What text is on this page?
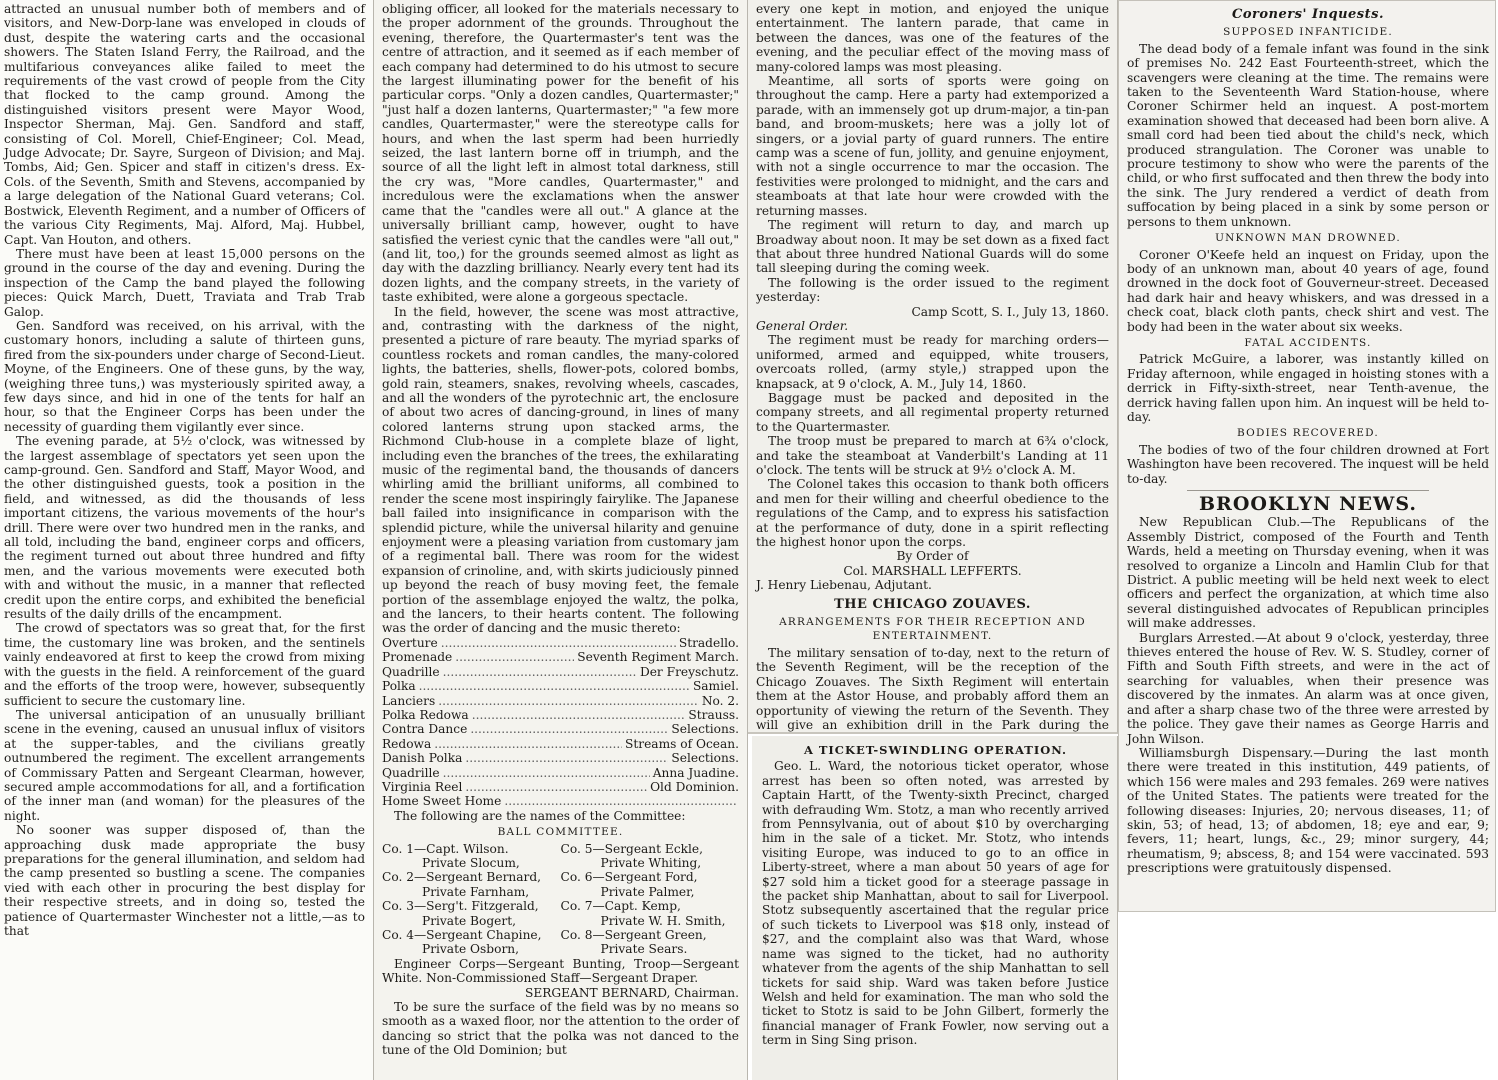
attracted an unusual number both of members and of visitors, and New-Dorp-lane was enveloped in clouds of dust, despite the watering carts and the occasional showers. The Staten Island Ferry, the Railroad, and the multifarious conveyances alike failed to meet the requirements of the vast crowd of people from the City that flocked to the camp ground. Among the distinguished visitors present were Mayor Wood, Inspector Sherman, Maj. Gen. Sandford and staff, consisting of Col. Morell, Chief-Engineer; Col. Mead, Judge Advocate; Dr. Sayre, Surgeon of Division; and Maj. Tombs, Aid; Gen. Spicer and staff in citizen's dress. Ex-Cols. of the Seventh, Smith and Stevens, accompanied by a large delegation of the National Guard veterans; Col. Bostwick, Eleventh Regiment, and a number of Officers of the various City Regiments, Maj. Alford, Maj. Hubbel, Capt. Van Houton, and others.

There must have been at least 15,000 persons on the ground in the course of the day and evening. During the inspection of the Camp the band played the following pieces: Quick March, Duett, Traviata and Trab Trab Galop.

Gen. Sandford was received, on his arrival, with the customary honors, including a salute of thirteen guns, fired from the six-pounders under charge of Second-Lieut. Moyne, of the Engineers. One of these guns, by the way, (weighing three tuns,) was mysteriously spirited away, a few days since, and hid in one of the tents for half an hour, so that the Engineer Corps has been under the necessity of guarding them vigilantly ever since.

The evening parade, at 5½ o'clock, was witnessed by the largest assemblage of spectators yet seen upon the camp-ground. Gen. Sandford and Staff, Mayor Wood, and the other distinguished guests, took a position in the field, and witnessed, as did the thousands of less important citizens, the various movements of the hour's drill. There were over two hundred men in the ranks, and all told, including the band, engineer corps and officers, the regiment turned out about three hundred and fifty men, and the various movements were executed both with and without the music, in a manner that reflected credit upon the entire corps, and exhibited the beneficial results of the daily drills of the encampment.

The crowd of spectators was so great that, for the first time, the customary line was broken, and the sentinels vainly endeavored at first to keep the crowd from mixing with the guests in the field. A reinforcement of the guard and the efforts of the troop were, however, subsequently sufficient to secure the customary line.

The universal anticipation of an unusually brilliant scene in the evening, caused an unusual influx of visitors at the supper-tables, and the civilians greatly outnumbered the regiment. The excellent arrangements of Commissary Patten and Sergeant Clearman, however, secured ample accommodations for all, and a fortification of the inner man (and woman) for the pleasures of the night.

No sooner was supper disposed of, than the approaching dusk made appropriate the busy preparations for the general illumination, and seldom had the camp presented so bustling a scene. The companies vied with each other in procuring the best display for their respective streets, and in doing so, tested the patience of Quartermaster Winchester not a little,—as to that

obliging officer, all looked for the materials necessary to the proper adornment of the grounds. Throughout the evening, therefore, the Quartermaster's tent was the centre of attraction, and it seemed as if each member of each company had determined to do his utmost to secure the largest illuminating power for the benefit of his particular corps. "Only a dozen candles, Quartermaster;" "just half a dozen lanterns, Quartermaster;" "a few more candles, Quartermaster," were the stereotype calls for hours, and when the last sperm had been hurriedly seized, the last lantern borne off in triumph, and the source of all the light left in almost total darkness, still the cry was, "More candles, Quartermaster," and incredulous were the exclamations when the answer came that the "candles were all out." A glance at the universally brilliant camp, however, ought to have satisfied the veriest cynic that the candles were "all out," (and lit, too,) for the grounds seemed almost as light as day with the dazzling brilliancy. Nearly every tent had its dozen lights, and the company streets, in the variety of taste exhibited, were alone a gorgeous spectacle.

In the field, however, the scene was most attractive, and, contrasting with the darkness of the night, presented a picture of rare beauty. The myriad sparks of countless rockets and roman candles, the many-colored lights, the batteries, shells, flower-pots, colored bombs, gold rain, steamers, snakes, revolving wheels, cascades, and all the wonders of the pyrotechnic art, the enclosure of about two acres of dancing-ground, in lines of many colored lanterns strung upon stacked arms, the Richmond Club-house in a complete blaze of light, including even the branches of the trees, the exhilarating music of the regimental band, the thousands of dancers whirling amid the brilliant uniforms, all combined to render the scene most inspiringly fairylike. The Japanese ball failed into insignificance in comparison with the splendid picture, while the universal hilarity and genuine enjoyment were a pleasing variation from customary jam of a regimental ball. There was room for the widest expansion of crinoline, and, with skirts judiciously pinned up beyond the reach of busy moving feet, the female portion of the assemblage enjoyed the waltz, the polka, and the lancers, to their hearts content. The following was the order of dancing and the music thereto:

Overture .....	Stradello.
Promenade .....	Seventh Regiment March.
Quadrille .....	Der Freyschutz.
Polka .....	Samiel.
Lanciers .....	No. 2.
Polka Redowa .....	Strauss.
Contra Dance .....	Selections.
Redowa .....	Streams of Ocean.
Danish Polka .....	Selections.
Quadrille .....	Anna Juadine.
Virginia Reel .....	Old Dominion.
Home Sweet Home
.....

The following are the names of the Committee:

BALL COMMITTEE.

Co. 1—Capt. Wilson.	Co. 5—Sergeant Eckle,
Private Slocum,	Private Whiting,
Co. 2—Sergeant Bernard,	Co. 6—Sergeant Ford,
Private Farnham,	Private Palmer,
Co. 3—Serg't. Fitzgerald,	Co. 7—Capt. Kemp,
Private Bogert,	Private W. H. Smith,
Co. 4—Sergeant Chapine,	Co. 8—Sergeant Green,
Private Osborn,	Private Sears.

Engineer Corps—Sergeant Bunting, Troop—Sergeant White. Non-Commissioned Staff—Sergeant Draper.

SERGEANT BERNARD, Chairman.

To be sure the surface of the field was by no means so smooth as a waxed floor, nor the attention to the order of dancing so strict that the polka was not danced to the tune of the Old Dominion; but

every one kept in motion, and enjoyed the unique entertainment. The lantern parade, that came in between the dances, was one of the features of the evening, and the peculiar effect of the moving mass of many-colored lamps was most pleasing.

Meantime, all sorts of sports were going on throughout the camp. Here a party had extemporized a parade, with an immensely got up drum-major, a tin-pan band, and broom-muskets; here was a jolly lot of singers, or a jovial party of guard runners. The entire camp was a scene of fun, jollity, and genuine enjoyment, with not a single occurrence to mar the occasion. The festivities were prolonged to midnight, and the cars and steamboats at that late hour were crowded with the returning masses.

The regiment will return to day, and march up Broadway about noon. It may be set down as a fixed fact that about three hundred National Guards will do some tall sleeping during the coming week.

The following is the order issued to the regiment yesterday:

Camp Scott, S. I., July 13, 1860.

General Order.

The regiment must be ready for marching orders—uniformed, armed and equipped, white trousers, overcoats rolled, (army style,) strapped upon the knapsack, at 9 o'clock, A. M., July 14, 1860.

Baggage must be packed and deposited in the company streets, and all regimental property returned to the Quartermaster.

The troop must be prepared to march at 6¾ o'clock, and take the steamboat at Vanderbilt's Landing at 11 o'clock. The tents will be struck at 9½ o'clock A. M.

The Colonel takes this occasion to thank both officers and men for their willing and cheerful obedience to the regulations of the Camp, and to express his satisfaction at the performance of duty, done in a spirit reflecting the highest honor upon the corps.

By Order of

Col. MARSHALL LEFFERTS.

J. Henry Liebenau, Adjutant.

THE CHICAGO ZOUAVES.

ARRANGEMENTS FOR THEIR RECEPTION AND ENTERTAINMENT.

The military sensation of to-day, next to the return of the Seventh Regiment, will be the reception of the Chicago Zouaves. The Sixth Regiment will entertain them at the Astor House, and probably afford them an opportunity of viewing the return of the Seventh. They will give an exhibition drill in the Park during the

A TICKET-SWINDLING OPERATION.

Geo. L. Ward, the notorious ticket operator, whose arrest has been so often noted, was arrested by Captain Hartt, of the Twenty-sixth Precinct, charged with defrauding Wm. Stotz, a man who recently arrived from Pennsylvania, out of about $10 by overcharging him in the sale of a ticket. Mr. Stotz, who intends visiting Europe, was induced to go to an office in Liberty-street, where a man about 50 years of age for $27 sold him a ticket good for a steerage passage in the packet ship Manhattan, about to sail for Liverpool. Stotz subsequently ascertained that the regular price of such tickets to Liverpool was $18 only, instead of $27, and the complaint also was that Ward, whose name was signed to the ticket, had no authority whatever from the agents of the ship Manhattan to sell tickets for said ship. Ward was taken before Justice Welsh and held for examination. The man who sold the ticket to Stotz is said to be John Gilbert, formerly the financial manager of Frank Fowler, now serving out a term in Sing Sing prison.

Coroners' Inquests.

SUPPOSED INFANTICIDE.

The dead body of a female infant was found in the sink of premises No. 242 East Fourteenth-street, which the scavengers were cleaning at the time. The remains were taken to the Seventeenth Ward Station-house, where Coroner Schirmer held an inquest. A post-mortem examination showed that deceased had been born alive. A small cord had been tied about the child's neck, which produced strangulation. The Coroner was unable to procure testimony to show who were the parents of the child, or who first suffocated and then threw the body into the sink. The Jury rendered a verdict of death from suffocation by being placed in a sink by some person or persons to them unknown.

UNKNOWN MAN DROWNED.

Coroner O'Keefe held an inquest on Friday, upon the body of an unknown man, about 40 years of age, found drowned in the dock foot of Gouverneur-street. Deceased had dark hair and heavy whiskers, and was dressed in a check coat, black cloth pants, check shirt and vest. The body had been in the water about six weeks.

FATAL ACCIDENTS.

Patrick McGuire, a laborer, was instantly killed on Friday afternoon, while engaged in hoisting stones with a derrick in Fifty-sixth-street, near Tenth-avenue, the derrick having fallen upon him. An inquest will be held to-day.

BODIES RECOVERED.

The bodies of two of the four children drowned at Fort Washington have been recovered. The inquest will be held to-day.

BROOKLYN NEWS.

New Republican Club.—The Republicans of the Assembly District, composed of the Fourth and Tenth Wards, held a meeting on Thursday evening, when it was resolved to organize a Lincoln and Hamlin Club for that District. A public meeting will be held next week to elect officers and perfect the organization, at which time also several distinguished advocates of Republican principles will make addresses.

Burglars Arrested.—At about 9 o'clock, yesterday, three thieves entered the house of Rev. W. S. Studley, corner of Fifth and South Fifth streets, and were in the act of searching for valuables, when their presence was discovered by the inmates. An alarm was at once given, and after a sharp chase two of the three were arrested by the police. They gave their names as George Harris and John Wilson.

Williamsburgh Dispensary.—During the last month there were treated in this institution, 449 patients, of which 156 were males and 293 females. 269 were natives of the United States. The patients were treated for the following diseases: Injuries, 20; nervous diseases, 11; of skin, 53; of head, 13; of abdomen, 18; eye and ear, 9; fevers, 11; heart, lungs, &c., 29; minor surgery, 44; rheumatism, 9; abscess, 8; and 154 were vaccinated. 593 prescriptions were gratuitously dispensed.
